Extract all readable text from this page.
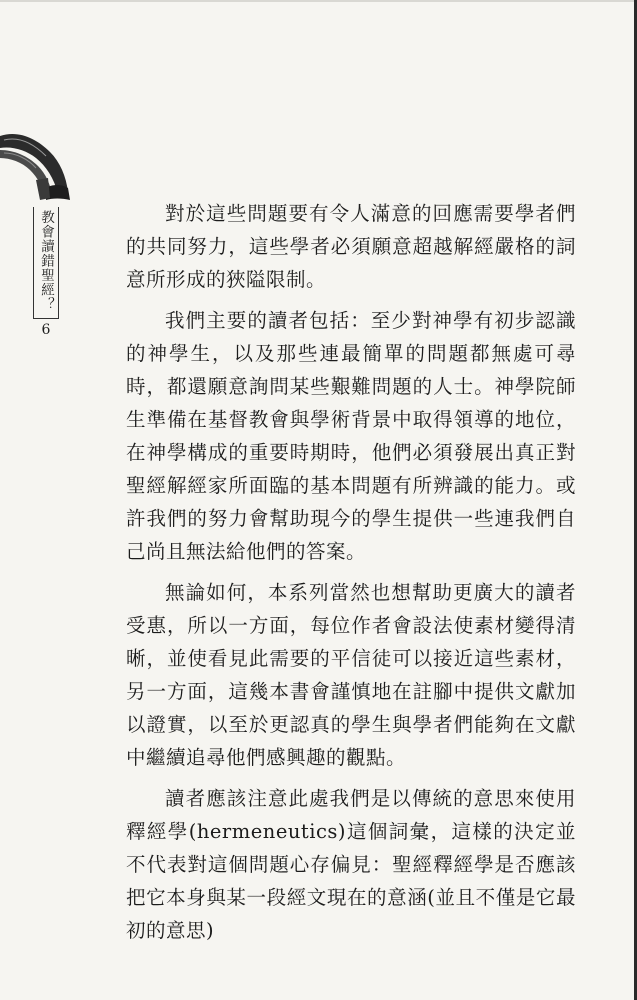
教會讀錯聖經？
6

對於這些問題要有令人滿意的回應需要學者們的共同努力，這些學者必須願意超越解經嚴格的詞意所形成的狹隘限制。

我們主要的讀者包括：至少對神學有初步認識的神學生，以及那些連最簡單的問題都無處可尋時，都還願意詢問某些艱難問題的人士。神學院師生準備在基督教會與學術背景中取得領導的地位，在神學構成的重要時期時，他們必須發展出真正對聖經解經家所面臨的基本問題有所辨識的能力。或許我們的努力會幫助現今的學生提供一些連我們自己尚且無法給他們的答案。

無論如何，本系列當然也想幫助更廣大的讀者受惠，所以一方面，每位作者會設法使素材變得清晰，並使看見此需要的平信徒可以接近這些素材，另一方面，這幾本書會謹慎地在註腳中提供文獻加以證實，以至於更認真的學生與學者們能夠在文獻中繼續追尋他們感興趣的觀點。

讀者應該注意此處我們是以傳統的意思來使用釋經學(hermeneutics)這個詞彙，這樣的決定並不代表對這個問題心存偏見：聖經釋經學是否應該把它本身與某一段經文現在的意涵(並且不僅是它最初的意思)
